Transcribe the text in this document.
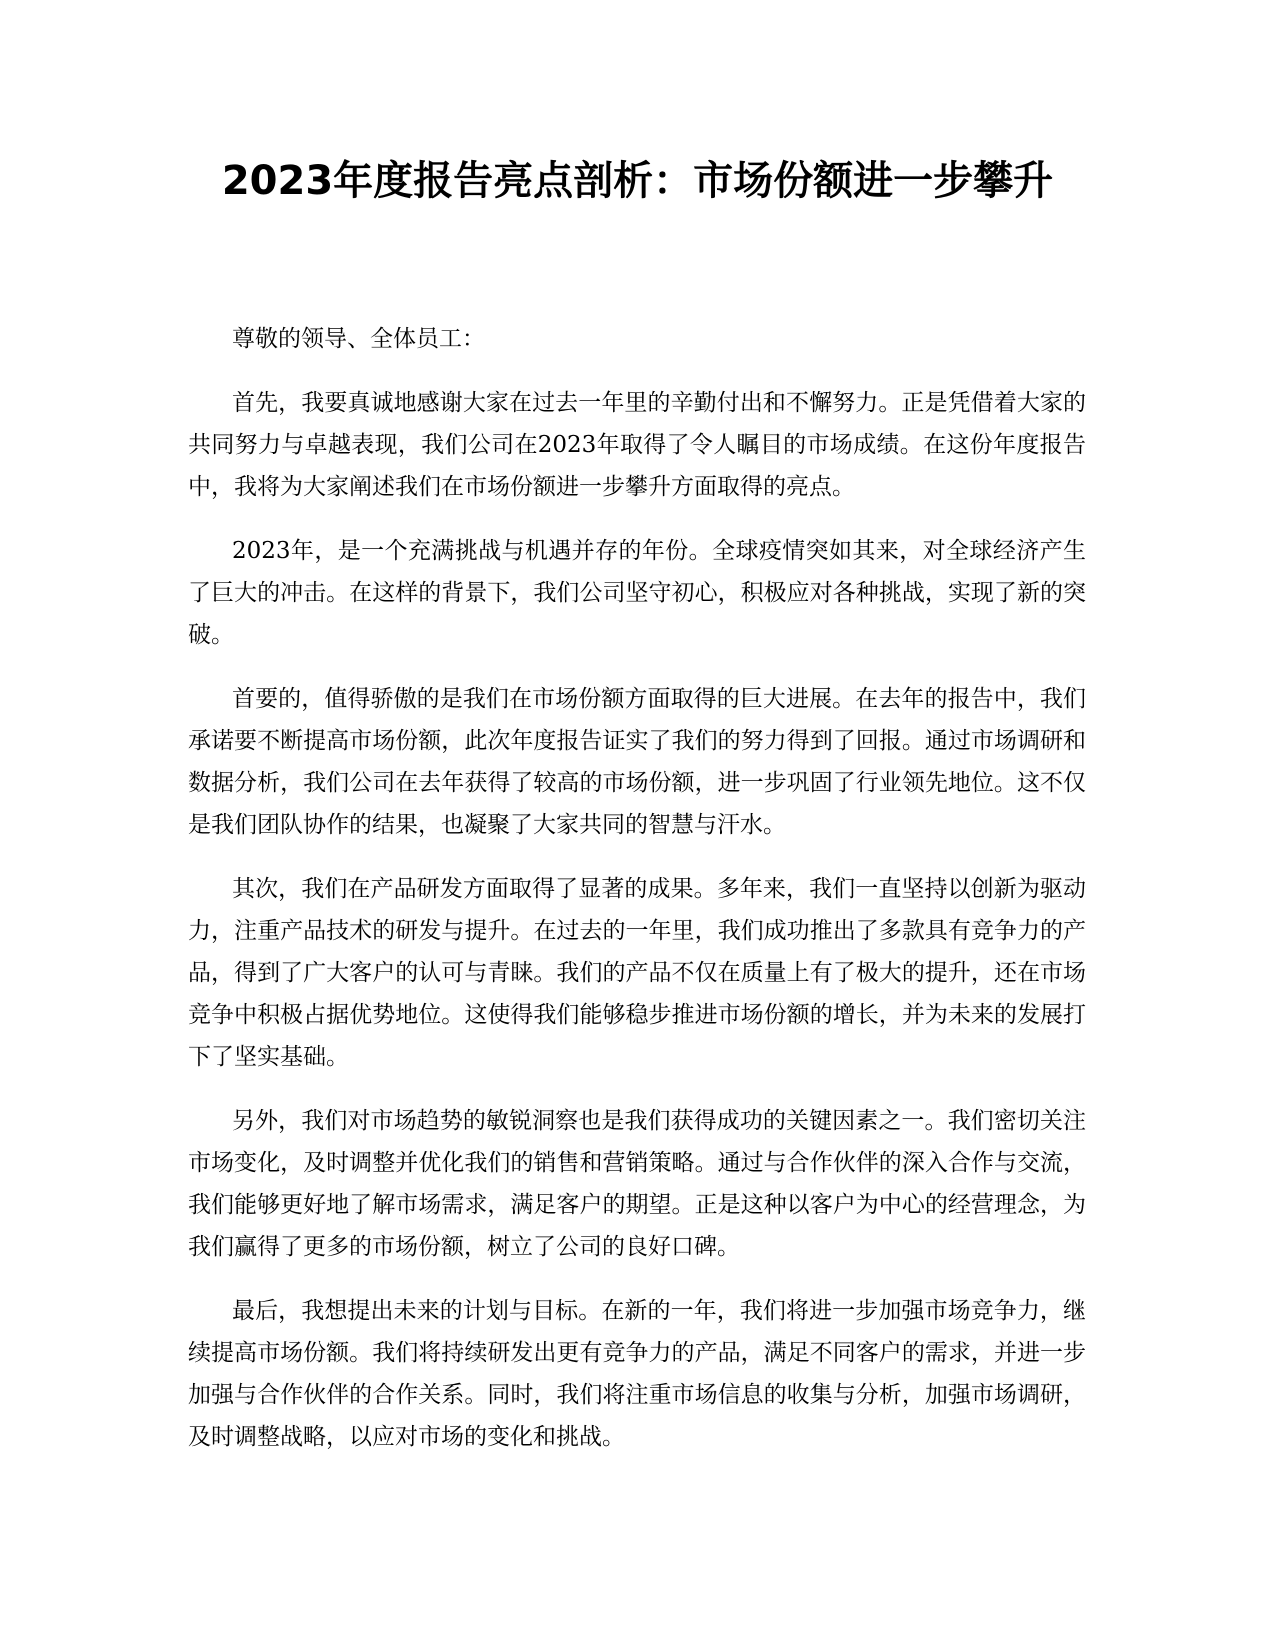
2023年度报告亮点剖析：市场份额进一步攀升

尊敬的领导、全体员工：

首先，我要真诚地感谢大家在过去一年里的辛勤付出和不懈努力。正是凭借着大家的共同努力与卓越表现，我们公司在2023年取得了令人瞩目的市场成绩。在这份年度报告中，我将为大家阐述我们在市场份额进一步攀升方面取得的亮点。

2023年，是一个充满挑战与机遇并存的年份。全球疫情突如其来，对全球经济产生了巨大的冲击。在这样的背景下，我们公司坚守初心，积极应对各种挑战，实现了新的突破。

首要的，值得骄傲的是我们在市场份额方面取得的巨大进展。在去年的报告中，我们承诺要不断提高市场份额，此次年度报告证实了我们的努力得到了回报。通过市场调研和数据分析，我们公司在去年获得了较高的市场份额，进一步巩固了行业领先地位。这不仅是我们团队协作的结果，也凝聚了大家共同的智慧与汗水。

其次，我们在产品研发方面取得了显著的成果。多年来，我们一直坚持以创新为驱动力，注重产品技术的研发与提升。在过去的一年里，我们成功推出了多款具有竞争力的产品，得到了广大客户的认可与青睐。我们的产品不仅在质量上有了极大的提升，还在市场竞争中积极占据优势地位。这使得我们能够稳步推进市场份额的增长，并为未来的发展打下了坚实基础。

另外，我们对市场趋势的敏锐洞察也是我们获得成功的关键因素之一。我们密切关注市场变化，及时调整并优化我们的销售和营销策略。通过与合作伙伴的深入合作与交流，我们能够更好地了解市场需求，满足客户的期望。正是这种以客户为中心的经营理念，为我们赢得了更多的市场份额，树立了公司的良好口碑。

最后，我想提出未来的计划与目标。在新的一年，我们将进一步加强市场竞争力，继续提高市场份额。我们将持续研发出更有竞争力的产品，满足不同客户的需求，并进一步加强与合作伙伴的合作关系。同时，我们将注重市场信息的收集与分析，加强市场调研，及时调整战略，以应对市场的变化和挑战。
